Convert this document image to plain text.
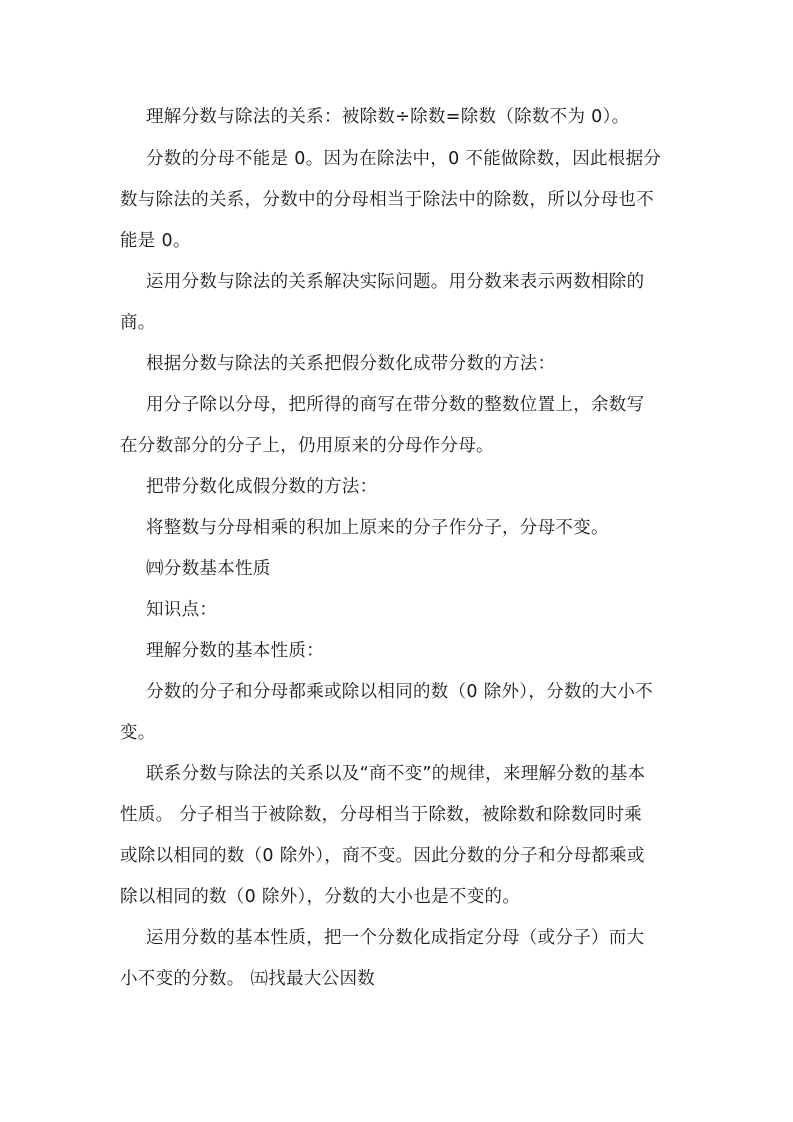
理解分数与除法的关系：被除数÷除数=除数（除数不为 0）。
分数的分母不能是 0。因为在除法中，0 不能做除数，因此根据分
数与除法的关系，分数中的分母相当于除法中的除数，所以分母也不
能是 0。
运用分数与除法的关系解决实际问题。用分数来表示两数相除的
商。
根据分数与除法的关系把假分数化成带分数的方法：
用分子除以分母，把所得的商写在带分数的整数位置上，余数写
在分数部分的分子上，仍用原来的分母作分母。
把带分数化成假分数的方法：
将整数与分母相乘的积加上原来的分子作分子，分母不变。
㈣分数基本性质
知识点：
理解分数的基本性质：
分数的分子和分母都乘或除以相同的数（0 除外），分数的大小不
变。
联系分数与除法的关系以及“商不变”的规律，来理解分数的基本
性质。 分子相当于被除数，分母相当于除数，被除数和除数同时乘
或除以相同的数（0 除外），商不变。因此分数的分子和分母都乘或
除以相同的数（0 除外），分数的大小也是不变的。
运用分数的基本性质，把一个分数化成指定分母（或分子）而大
小不变的分数。 ㈤找最大公因数
